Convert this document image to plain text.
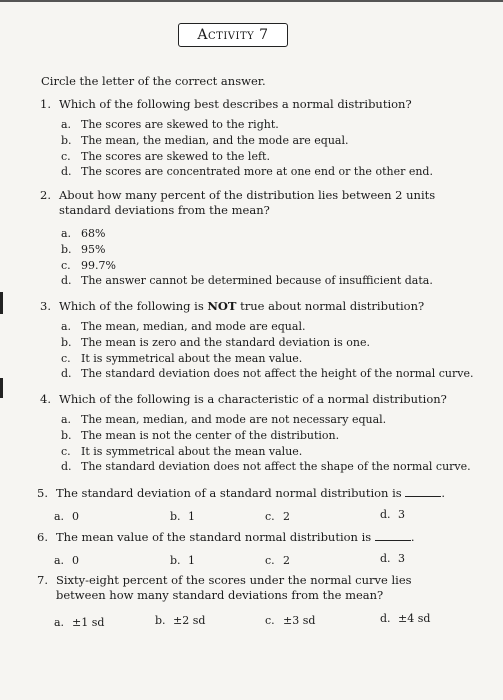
Activity 7
Circle the letter of the correct answer.
1. Which of the following best describes a normal distribution?
a. The scores are skewed to the right.
b. The mean, the median, and the mode are equal.
c. The scores are skewed to the left.
d. The scores are concentrated more at one end or the other end.
2. About how many percent of the distribution lies between 2 units standard deviations from the mean?
a. 68%
b. 95%
c. 99.7%
d. The answer cannot be determined because of insufficient data.
3. Which of the following is NOT true about normal distribution?
a. The mean, median, and mode are equal.
b. The mean is zero and the standard deviation is one.
c. It is symmetrical about the mean value.
d. The standard deviation does not affect the height of the normal curve.
4. Which of the following is a characteristic of a normal distribution?
a. The mean, median, and mode are not necessary equal.
b. The mean is not the center of the distribution.
c. It is symmetrical about the mean value.
d. The standard deviation does not affect the shape of the normal curve.
5. The standard deviation of a standard normal distribution is	.
a. 0	b. 1	c. 2	d. 3
6. The mean value of the standard normal distribution is	.
a. 0	b. 1	c. 2	d. 3
7. Sixty-eight percent of the scores under the normal curve lies between how many standard deviations from the mean?
a. ±1 sd	b. ±2 sd	c. ±3 sd	d. ±4 sd
